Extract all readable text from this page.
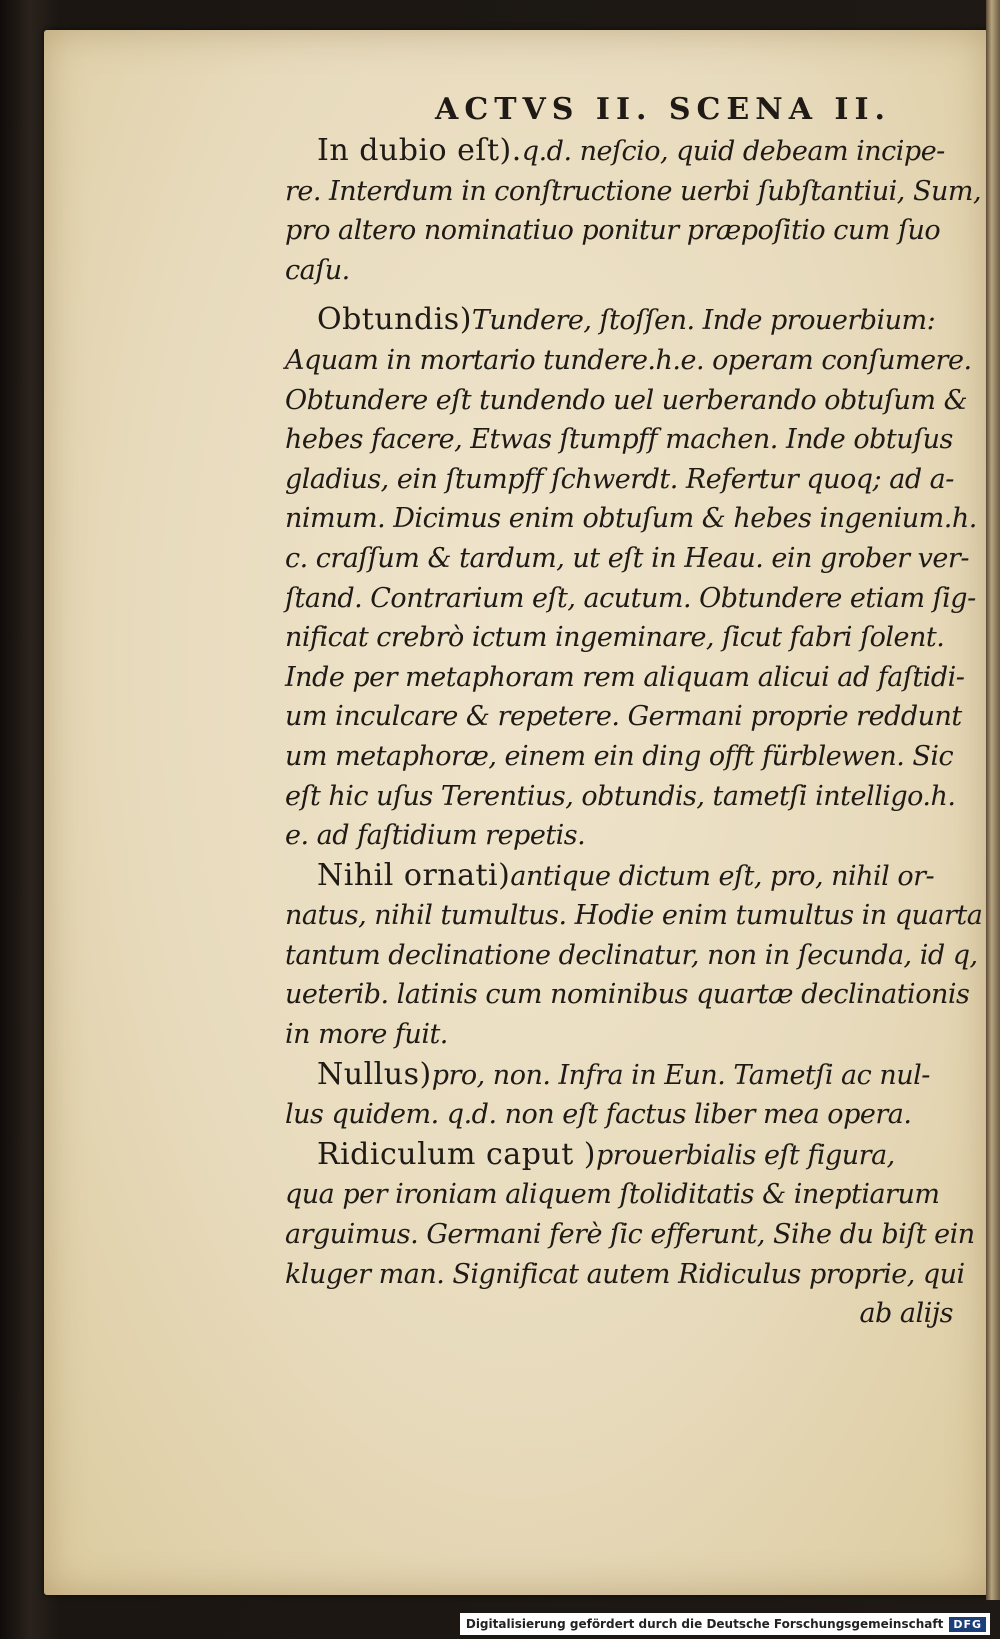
ACTVS II. SCENA II.
In dubio eſt).q.d. neſcio, quid debeam incipe-
re. Interdum in conſtructione uerbi ſubſtantiui, Sum,
pro altero nominatiuo ponitur præpoſitio cum ſuo
caſu.
Obtundis)Tundere, ſtoſſen. Inde prouerbium:
Aquam in mortario tundere.h.e. operam conſumere.
Obtundere eſt tundendo uel uerberando obtuſum &
hebes facere, Etwas ſtumpff machen. Inde obtuſus
gladius, ein ſtumpff ſchwerdt. Refertur quoq; ad a-
nimum. Dicimus enim obtuſum & hebes ingenium.h.
c. craſſum & tardum, ut eſt in Heau. ein grober ver-
ſtand. Contrarium eſt, acutum. Obtundere etiam ſig-
nificat crebrò ictum ingeminare, ſicut fabri ſolent.
Inde per metaphoram rem aliquam alicui ad faſtidi-
um inculcare & repetere. Germani proprie reddunt
um metaphoræ, einem ein ding offt fürblewen. Sic
eſt hic uſus Terentius, obtundis, tametſi intelligo.h.
e. ad faſtidium repetis.
Nihil ornati)antique dictum eſt, pro, nihil or-
natus, nihil tumultus. Hodie enim tumultus in quarta
tantum declinatione declinatur, non in ſecunda, id q,
ueterib. latinis cum nominibus quartæ declinationis
in more fuit.
Nullus)pro, non. Infra in Eun. Tametſi ac nul-
lus quidem. q.d. non eſt factus liber mea opera.
Ridiculum caput )prouerbialis eſt figura,
qua per ironiam aliquem ſtoliditatis & ineptiarum
arguimus. Germani ferè ſic efferunt, Sihe du biſt ein
kluger man. Significat autem Ridiculus proprie, qui
ab alijs
Digitalisierung gefördert durch die Deutsche Forschungsgemeinschaft DFG
